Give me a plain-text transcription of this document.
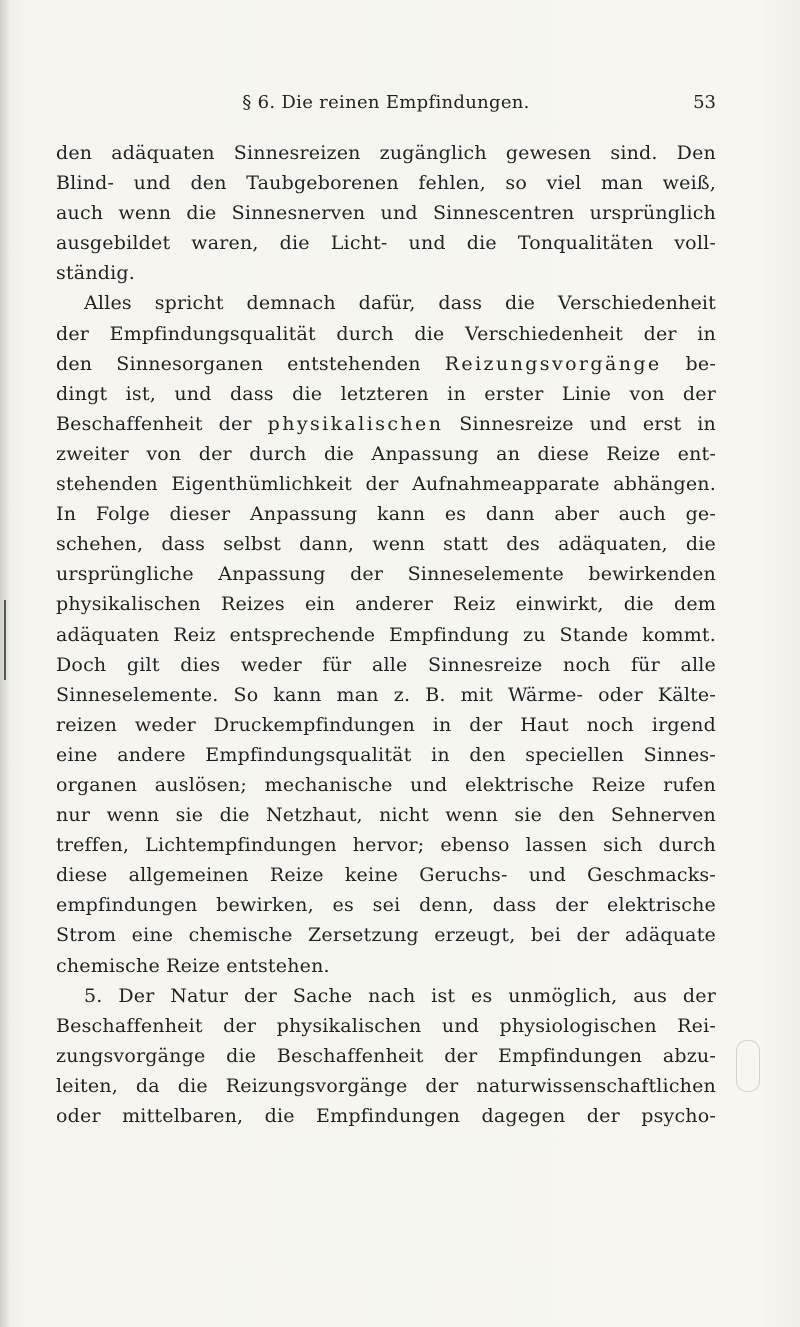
§ 6. Die reinen Empfindungen.	53
den adäquaten Sinnesreizen zugänglich gewesen sind. Den
Blind- und den Taubgeborenen fehlen, so viel man weiß,
auch wenn die Sinnesnerven und Sinnescentren ursprünglich
ausgebildet waren, die Licht- und die Tonqualitäten voll-
ständig.
Alles spricht demnach dafür, dass die Verschiedenheit
der Empfindungsqualität durch die Verschiedenheit der in
den Sinnesorganen entstehenden Reizungsvorgänge be-
dingt ist, und dass die letzteren in erster Linie von der
Beschaffenheit der physikalischen Sinnesreize und erst in
zweiter von der durch die Anpassung an diese Reize ent-
stehenden Eigenthümlichkeit der Aufnahmeapparate abhängen.
In Folge dieser Anpassung kann es dann aber auch ge-
schehen, dass selbst dann, wenn statt des adäquaten, die
ursprüngliche Anpassung der Sinneselemente bewirkenden
physikalischen Reizes ein anderer Reiz einwirkt, die dem
adäquaten Reiz entsprechende Empfindung zu Stande kommt.
Doch gilt dies weder für alle Sinnesreize noch für alle
Sinneselemente. So kann man z. B. mit Wärme- oder Kälte-
reizen weder Druckempfindungen in der Haut noch irgend
eine andere Empfindungsqualität in den speciellen Sinnes-
organen auslösen; mechanische und elektrische Reize rufen
nur wenn sie die Netzhaut, nicht wenn sie den Sehnerven
treffen, Lichtempfindungen hervor; ebenso lassen sich durch
diese allgemeinen Reize keine Geruchs- und Geschmacks-
empfindungen bewirken, es sei denn, dass der elektrische
Strom eine chemische Zersetzung erzeugt, bei der adäquate
chemische Reize entstehen.
5. Der Natur der Sache nach ist es unmöglich, aus der
Beschaffenheit der physikalischen und physiologischen Rei-
zungsvorgänge die Beschaffenheit der Empfindungen abzu-
leiten, da die Reizungsvorgänge der naturwissenschaftlichen
oder mittelbaren, die Empfindungen dagegen der psycho-
